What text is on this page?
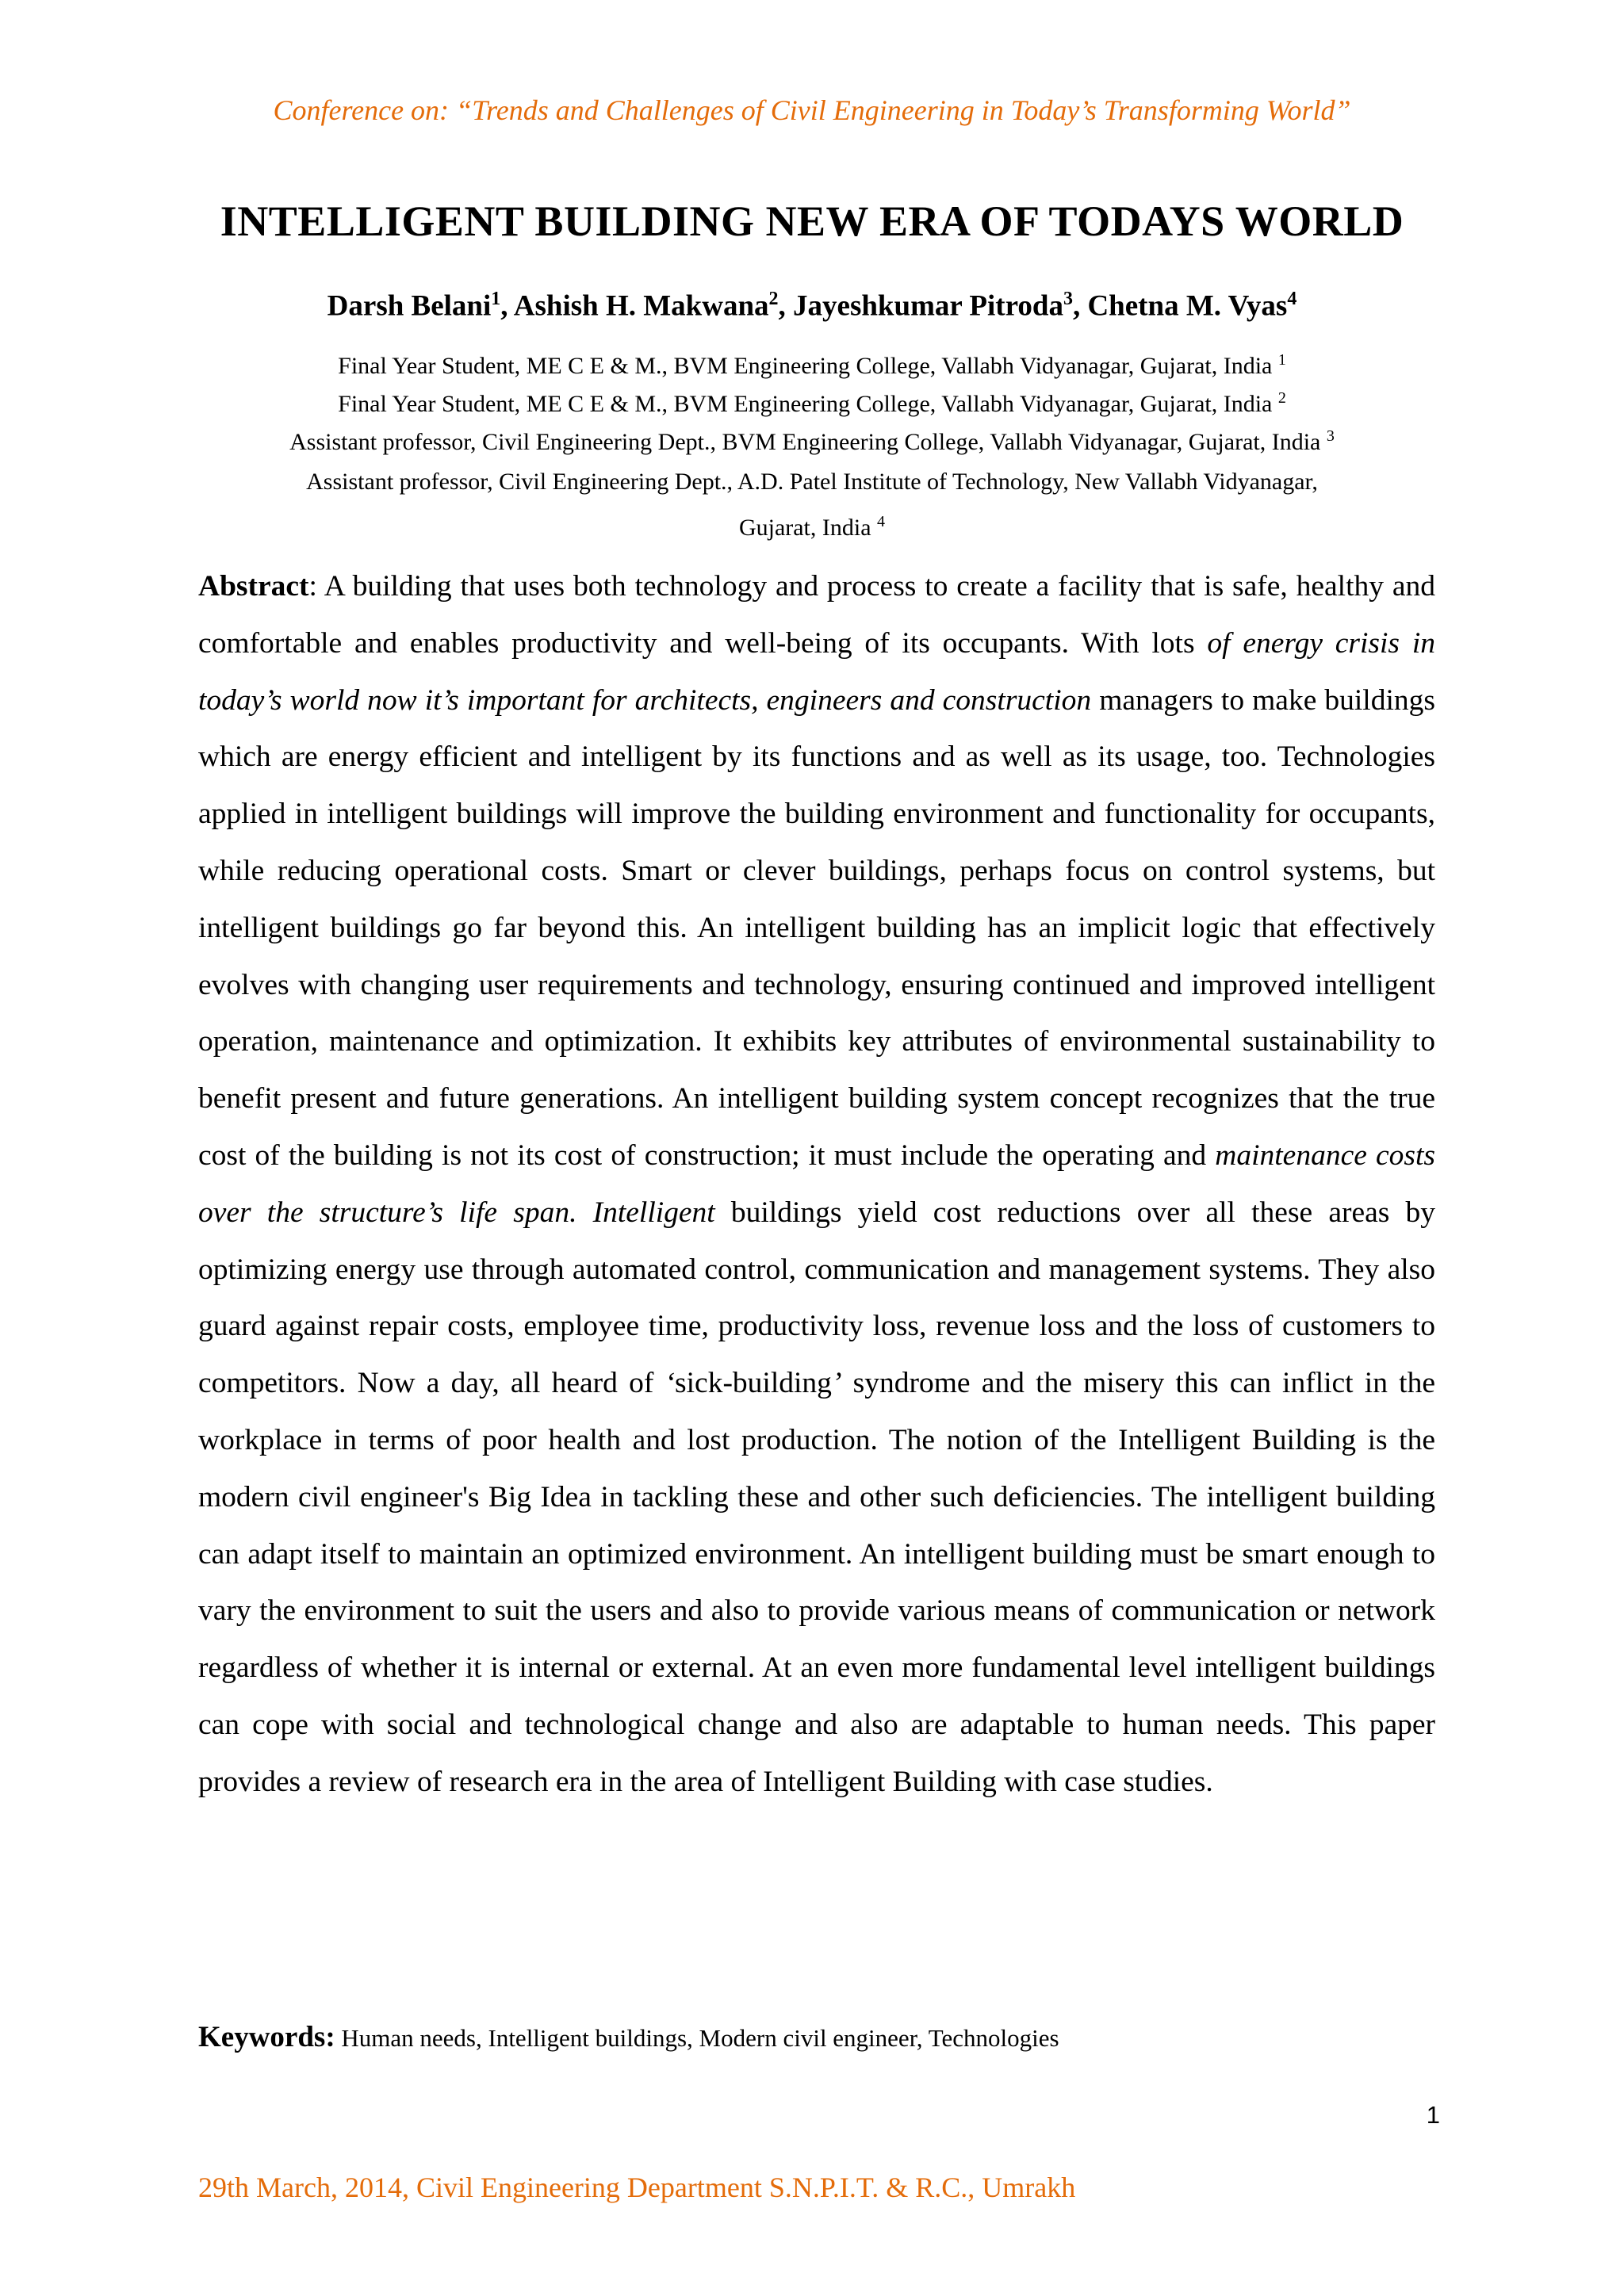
Conference on: “Trends and Challenges of Civil Engineering in Today’s Transforming World”
INTELLIGENT BUILDING NEW ERA OF TODAYS WORLD
Darsh Belani$^1$, Ashish H. Makwana$^2$, Jayeshkumar Pitroda$^3$, Chetna M. Vyas$^4$
Final Year Student, ME C E & M., BVM Engineering College, Vallabh Vidyanagar, Gujarat, India $^1$
Final Year Student, ME C E & M., BVM Engineering College, Vallabh Vidyanagar, Gujarat, India $^2$
Assistant professor, Civil Engineering Dept., BVM Engineering College, Vallabh Vidyanagar, Gujarat, India $^3$
Assistant professor, Civil Engineering Dept., A.D. Patel Institute of Technology, New Vallabh Vidyanagar,
Gujarat, India $^4$
Abstract: A building that uses both technology and process to create a facility that is safe, healthy and comfortable and enables productivity and well-being of its occupants. With lots of energy crisis in today’s world now it’s important for architects, engineers and construction managers to make buildings which are energy efficient and intelligent by its functions and as well as its usage, too. Technologies applied in intelligent buildings will improve the building environment and functionality for occupants, while reducing operational costs. Smart or clever buildings, perhaps focus on control systems, but intelligent buildings go far beyond this. An intelligent building has an implicit logic that effectively evolves with changing user requirements and technology, ensuring continued and improved intelligent operation, maintenance and optimization. It exhibits key attributes of environmental sustainability to benefit present and future generations. An intelligent building system concept recognizes that the true cost of the building is not its cost of construction; it must include the operating and maintenance costs over the structure’s life span. Intelligent buildings yield cost reductions over all these areas by optimizing energy use through automated control, communication and management systems. They also guard against repair costs, employee time, productivity loss, revenue loss and the loss of customers to competitors. Now a day, all heard of ‘sick-building’ syndrome and the misery this can inflict in the workplace in terms of poor health and lost production. The notion of the Intelligent Building is the modern civil engineer's Big Idea in tackling these and other such deficiencies. The intelligent building can adapt itself to maintain an optimized environment. An intelligent building must be smart enough to vary the environment to suit the users and also to provide various means of communication or network regardless of whether it is internal or external. At an even more fundamental level intelligent buildings can cope with social and technological change and also are adaptable to human needs. This paper provides a review of research era in the area of Intelligent Building with case studies.
Keywords: Human needs, Intelligent buildings, Modern civil engineer, Technologies
1
29th March, 2014, Civil Engineering Department S.N.P.I.T. & R.C., Umrakh
